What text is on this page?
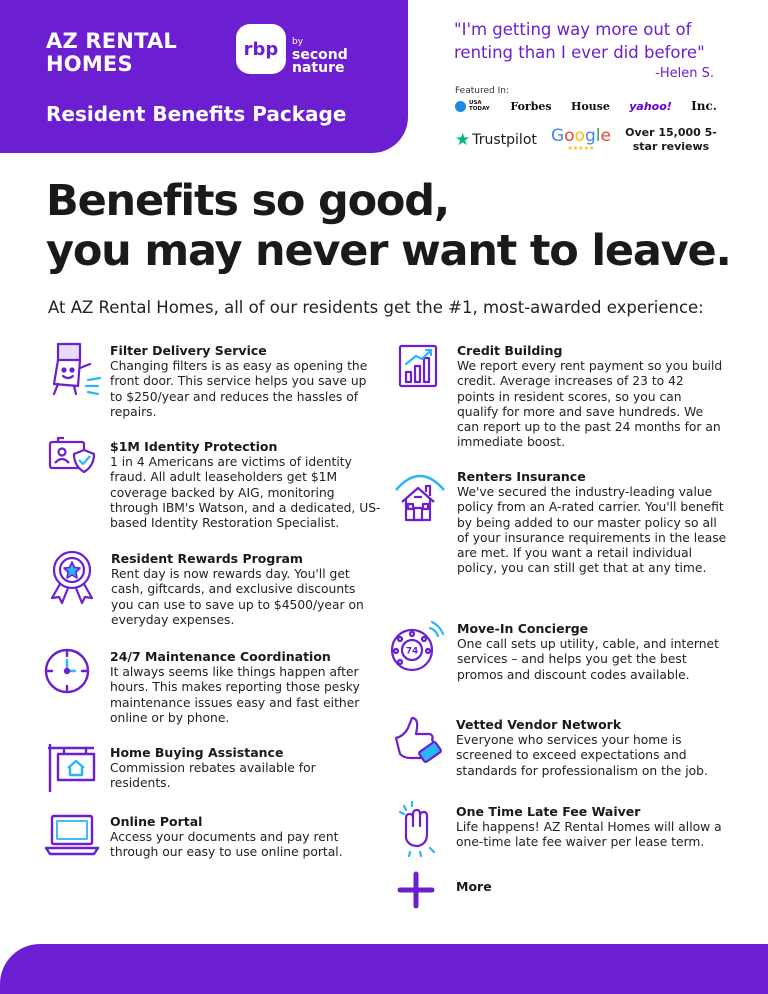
AZ RENTAL HOMES
rbp by
second nature
Resident Benefits Package
"I'm getting way more out of renting than I ever did before"
-Helen S.
Featured In:
USA TODAY Forbes House yahoo! Inc.
★ Trustpilot Google
★★★★★
Over 15,000 5-star reviews
Benefits so good,
you may never want to leave.
At AZ Rental Homes, all of our residents get the #1, most-awarded experience:
Filter Delivery Service
Changing filters is as easy as opening the front door. This service helps you save up to $250/year and reduces the hassles of repairs.
$1M Identity Protection
1 in 4 Americans are victims of identity fraud. All adult leaseholders get $1M coverage backed by AIG, monitoring through IBM's Watson, and a dedicated, US-based Identity Restoration Specialist.
Resident Rewards Program
Rent day is now rewards day. You'll get cash, giftcards, and exclusive discounts you can use to save up to $4500/year on everyday expenses.
24/7 Maintenance Coordination
It always seems like things happen after hours. This makes reporting those pesky maintenance issues easy and fast either online or by phone.
Home Buying Assistance
Commission rebates available for residents.
Online Portal
Access your documents and pay rent through our easy to use online portal.
Credit Building
We report every rent payment so you build credit. Average increases of 23 to 42 points in resident scores, so you can qualify for more and save hundreds. We can report up to the past 24 months for an immediate boost.
Renters Insurance
We've secured the industry-leading value policy from an A-rated carrier. You'll benefit by being added to our master policy so all of your insurance requirements in the lease are met. If you want a retail individual policy, you can still get that at any time.
74
Move-In Concierge
One call sets up utility, cable, and internet services – and helps you get the best promos and discount codes available.
Vetted Vendor Network
Everyone who services your home is screened to exceed expectations and standards for professionalism on the job.
One Time Late Fee Waiver
Life happens! AZ Rental Homes will allow a one-time late fee waiver per lease term.
More
